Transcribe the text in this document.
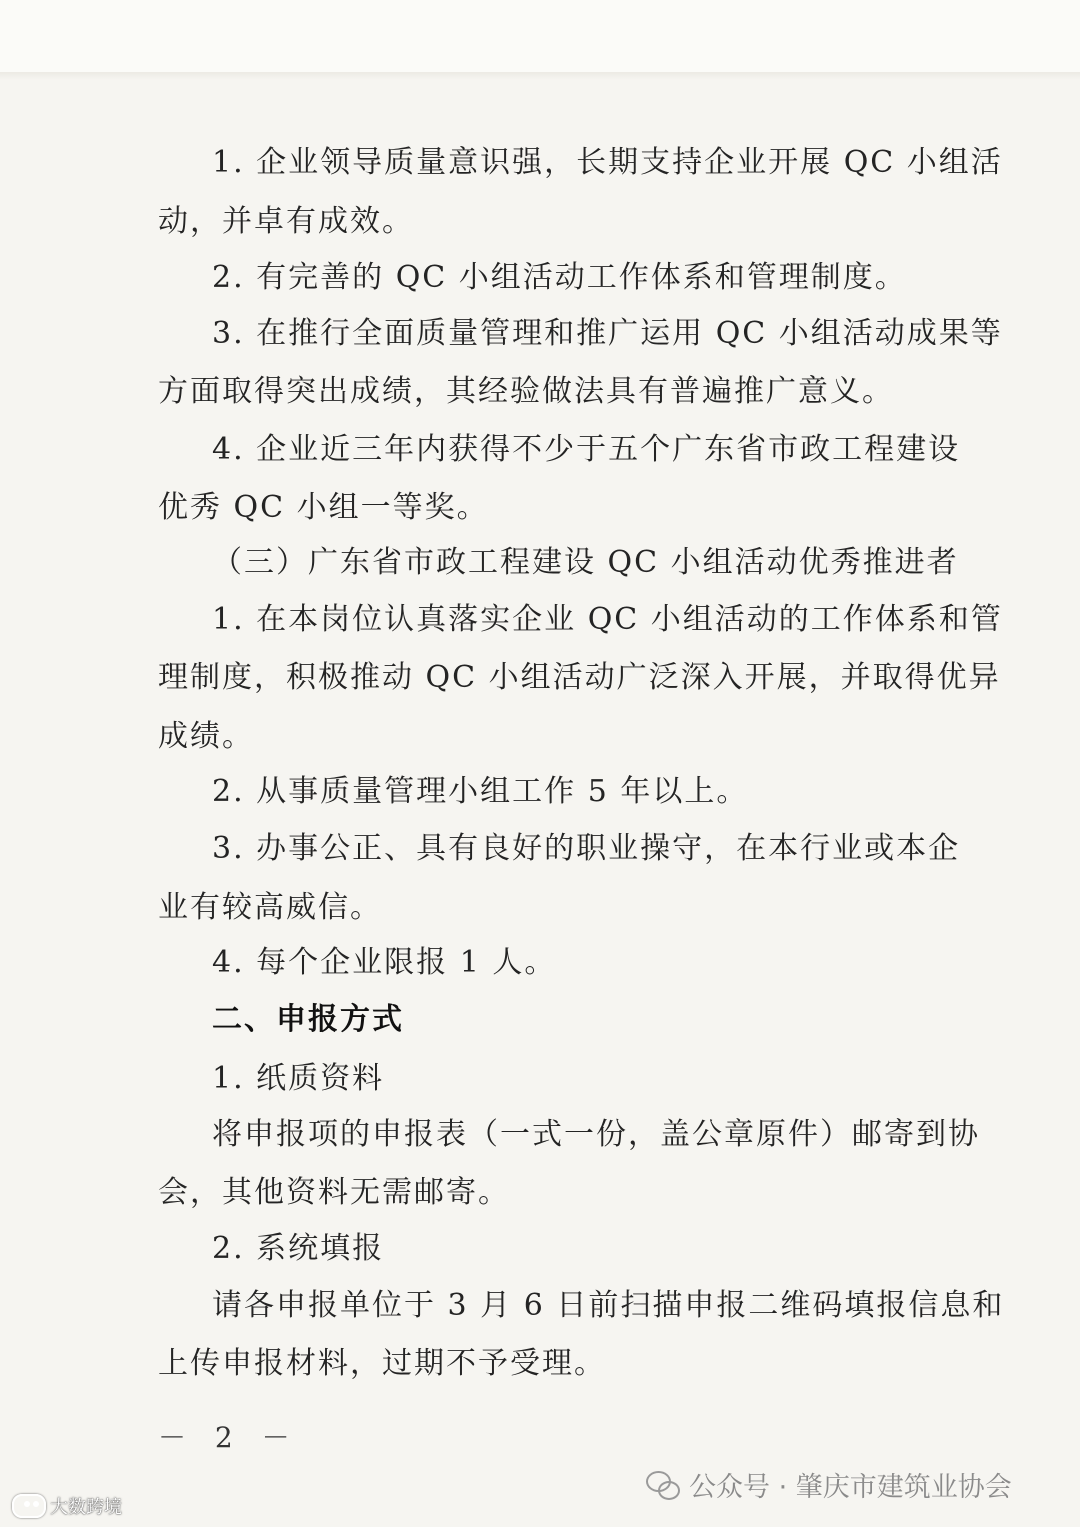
1. 企业领导质量意识强，长期支持企业开展 QC 小组活
动，并卓有成效。
2. 有完善的 QC 小组活动工作体系和管理制度。
3. 在推行全面质量管理和推广运用 QC 小组活动成果等
方面取得突出成绩，其经验做法具有普遍推广意义。
4. 企业近三年内获得不少于五个广东省市政工程建设
优秀 QC 小组一等奖。
（三）广东省市政工程建设 QC 小组活动优秀推进者
1. 在本岗位认真落实企业 QC 小组活动的工作体系和管
理制度，积极推动 QC 小组活动广泛深入开展，并取得优异
成绩。
2. 从事质量管理小组工作 5 年以上。
3. 办事公正、具有良好的职业操守，在本行业或本企
业有较高威信。
4. 每个企业限报 1 人。
二、申报方式
1. 纸质资料
将申报项的申报表（一式一份，盖公章原件）邮寄到协
会，其他资料无需邮寄。
2. 系统填报
请各申报单位于 3 月 6 日前扫描申报二维码填报信息和
上传申报材料，过期不予受理。
－ 2 －
公众号 · 肇庆市建筑业协会
大数跨境
